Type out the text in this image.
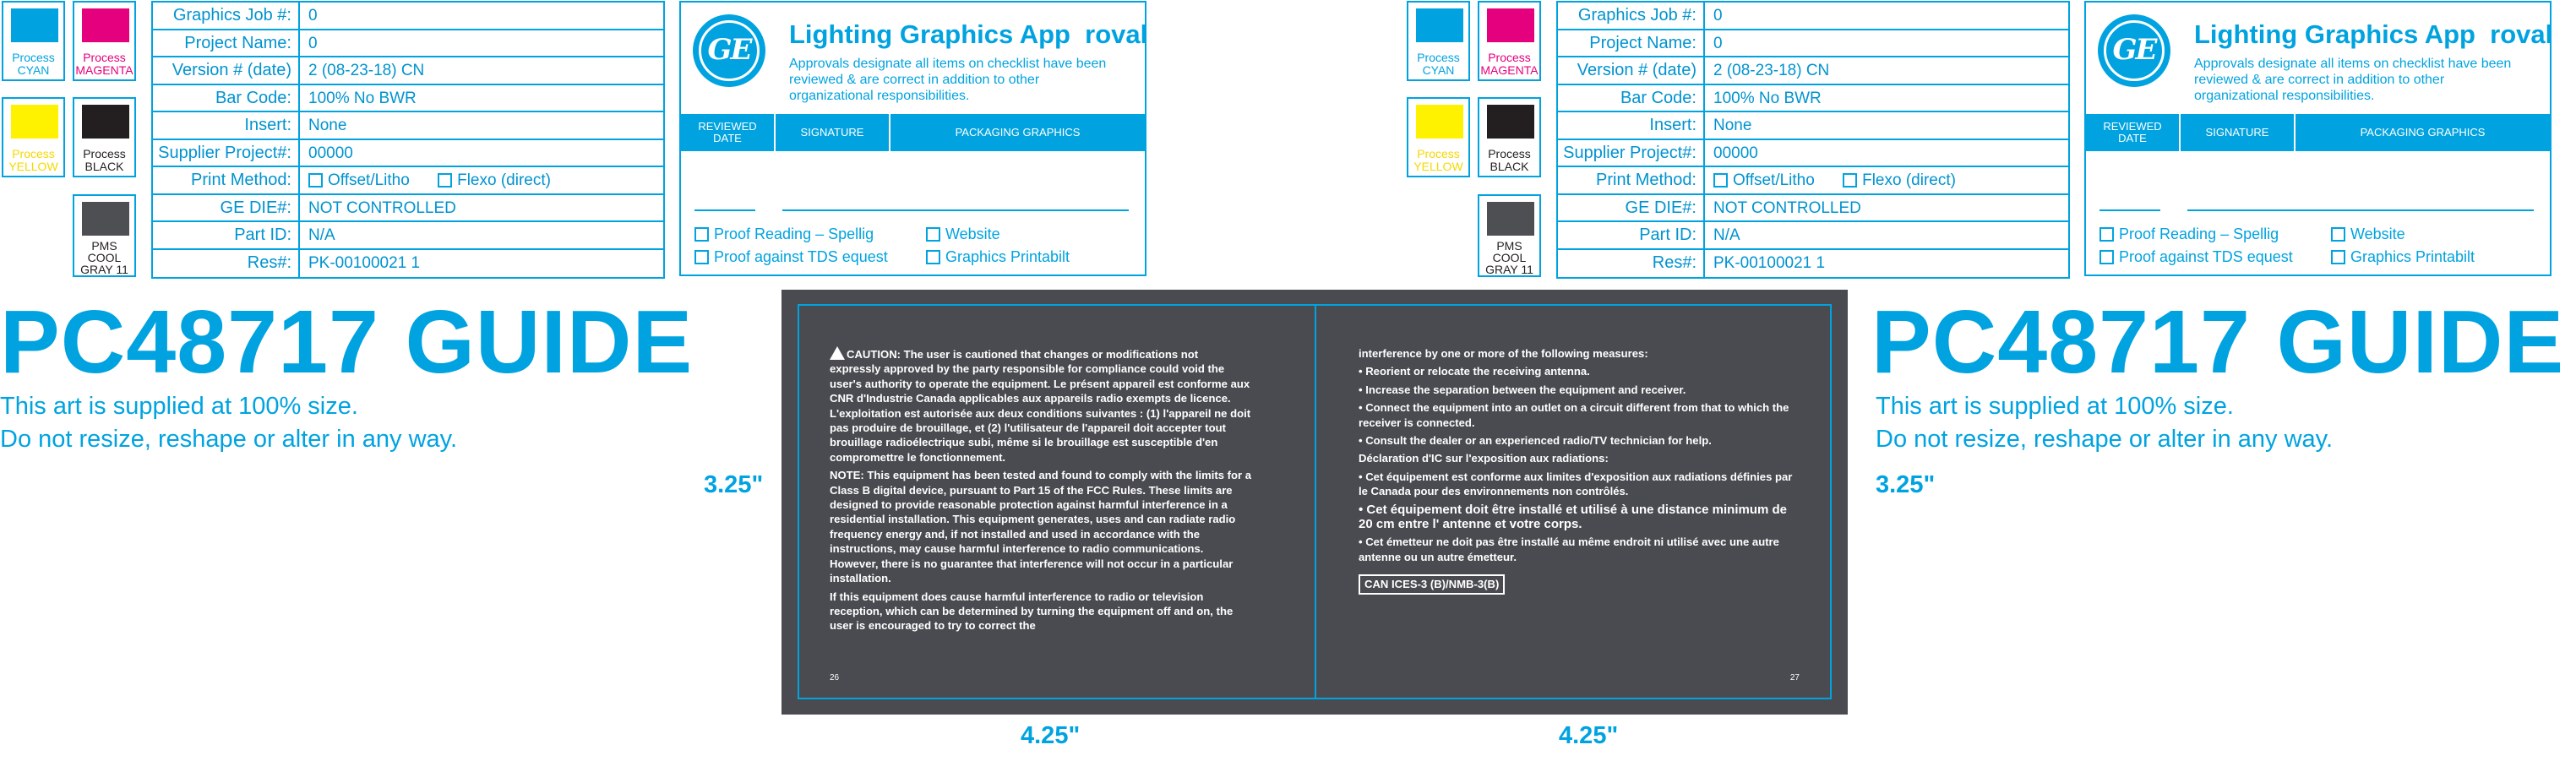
Process
CYAN
Process
MAGENTA
Process
YELLOW
Process
BLACK
PMS
COOL
GRAY 11
Graphics Job #:	0
Project Name:	0
Version # (date)	2 (08-23-18) CN
Bar Code:	100% No BWR
Insert:	None
Supplier Project#:	00000
Print Method:	Offset/Litho	Flexo (direct)
GE DIE#:	NOT CONTROLLED
Part ID:	N/A
Res#:	PK-00100021 1
GE	Lighting Graphics App  roval
Approvals designate all items on checklist have been reviewed & are correct in addition to other organizational responsibilities.
REVIEWED
DATE	SIGNATURE	PACKAGING GRAPHICS
Proof Reading – Spellig	Website
Proof against TDS equest	Graphics Printabilt
PC48717 GUIDE
This art is supplied at 100% size.
Do not resize, reshape or alter in any way.
Process
CYAN
Process
MAGENTA
Process
YELLOW
Process
BLACK
PMS
COOL
GRAY 11
Graphics Job #:	0
Project Name:	0
Version # (date)	2 (08-23-18) CN
Bar Code:	100% No BWR
Insert:	None
Supplier Project#:	00000
Print Method:	Offset/Litho	Flexo (direct)
GE DIE#:	NOT CONTROLLED
Part ID:	N/A
Res#:	PK-00100021 1
GE	Lighting Graphics App  roval
Approvals designate all items on checklist have been reviewed & are correct in addition to other organizational responsibilities.
REVIEWED
DATE	SIGNATURE	PACKAGING GRAPHICS
Proof Reading – Spellig	Website
Proof against TDS equest	Graphics Printabilt
PC48717 GUIDE
This art is supplied at 100% size.
Do not resize, reshape or alter in any way.
3.25"
3.25"
4.25"	4.25"

CAUTION: The user is cautioned that changes or modifications not expressly approved by the party responsible for compliance could void the user's authority to operate the equipment. Le présent appareil est conforme aux CNR d'Industrie Canada applicables aux appareils radio exempts de licence. L'exploitation est autorisée aux deux conditions suivantes : (1) l'appareil ne doit pas produire de brouillage, et (2) l'utilisateur de l'appareil doit accepter tout brouillage radioélectrique subi, même si le brouillage est susceptible d'en compromettre le fonctionnement.

NOTE: This equipment has been tested and found to comply with the limits for a Class B digital device, pursuant to Part 15 of the FCC Rules. These limits are designed to provide reasonable protection against harmful interference in a residential installation. This equipment generates, uses and can radiate radio frequency energy and, if not installed and used in accordance with the instructions, may cause harmful interference to radio communications. However, there is no guarantee that interference will not occur in a particular installation.

If this equipment does cause harmful interference to radio or television reception, which can be determined by turning the equipment off and on, the user is encouraged to try to correct the

26

interference by one or more of the following measures:

• Reorient or relocate the receiving antenna.

• Increase the separation between the equipment and receiver.

• Connect the equipment into an outlet on a circuit different from that to which the receiver is connected.

• Consult the dealer or an experienced radio/TV technician for help.

Déclaration d'IC sur l'exposition aux radiations:

• Cet équipement est conforme aux limites d'exposition aux radiations définies par le Canada pour des environnements non contrôlés.

• Cet équipement doit être installé et utilisé à une distance minimum de 20 cm entre l' antenne et votre corps.

• Cet émetteur ne doit pas être installé au même endroit ni utilisé avec une autre antenne ou un autre émetteur.

CAN ICES-3 (B)/NMB-3(B)
27
